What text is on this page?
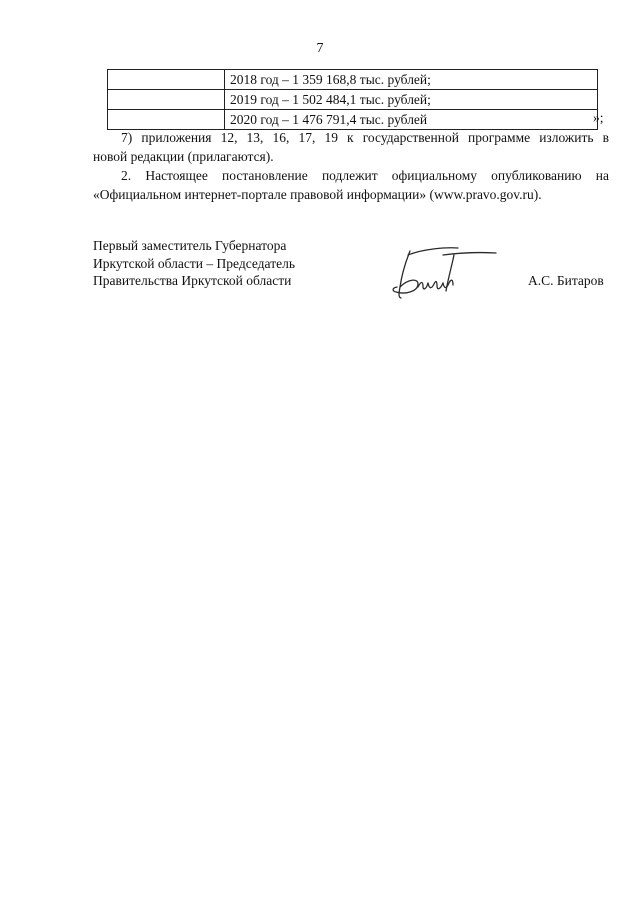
7
	2018 год – 1 359 168,8 тыс. рублей;
	2019 год – 1 502 484,1 тыс. рублей;
	2020 год – 1 476 791,4 тыс. рублей	»;
7) приложения 12, 13, 16, 17, 19 к государственной программе изложить в
новой редакции (прилагаются).
2. Настоящее постановление подлежит официальному опубликованию на
«Официальном интернет-портале правовой информации» (www.pravo.gov.ru).
Первый заместитель Губернатора
Иркутской области – Председатель
Правительства Иркутской области	А.С. Битаров
